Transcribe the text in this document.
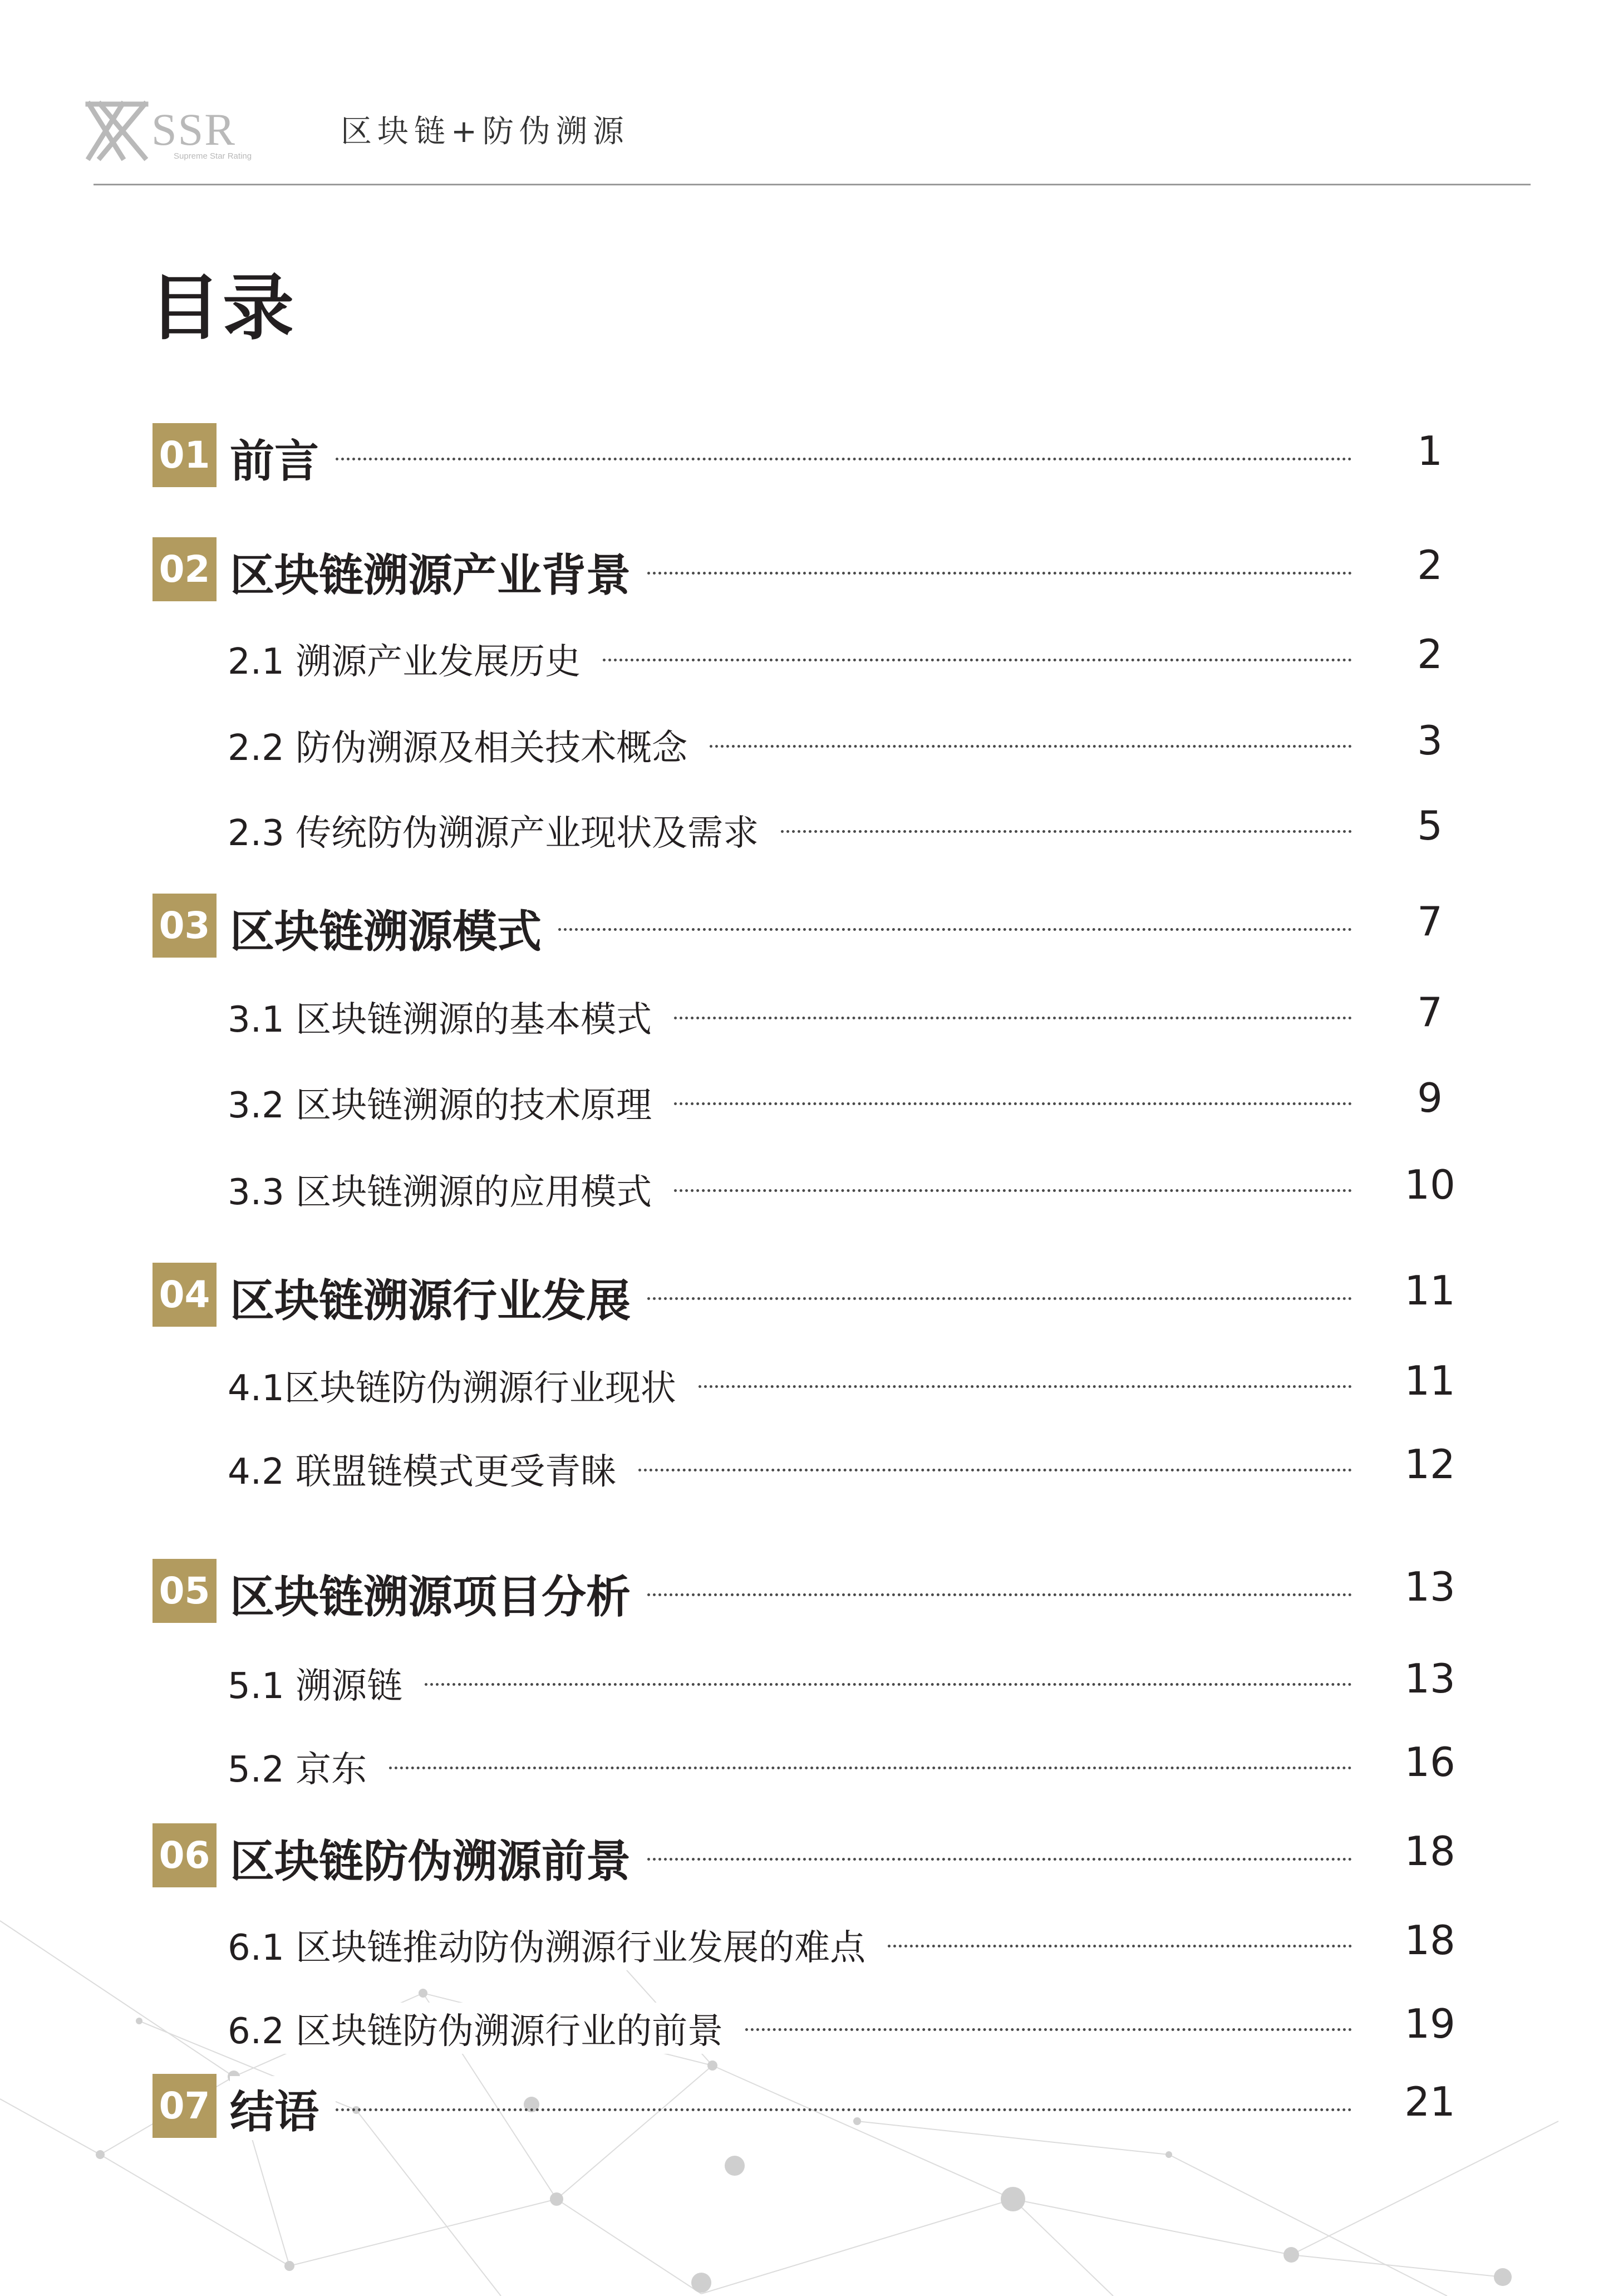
SSR
Supreme Star Rating
区块链+防伪溯源
目录
01 前言	1
02 区块链溯源产业背景	2
2.1 溯源产业发展历史	2
2.2 防伪溯源及相关技术概念	3
2.3 传统防伪溯源产业现状及需求	5
03 区块链溯源模式	7
3.1 区块链溯源的基本模式	7
3.2 区块链溯源的技术原理	9
3.3 区块链溯源的应用模式	10
04 区块链溯源行业发展	11
4.1区块链防伪溯源行业现状	11
4.2 联盟链模式更受青睐	12
05 区块链溯源项目分析	13
5.1 溯源链	13
5.2 京东	16
06 区块链防伪溯源前景	18
6.1 区块链推动防伪溯源行业发展的难点	18
6.2 区块链防伪溯源行业的前景	19
07 结语	21
